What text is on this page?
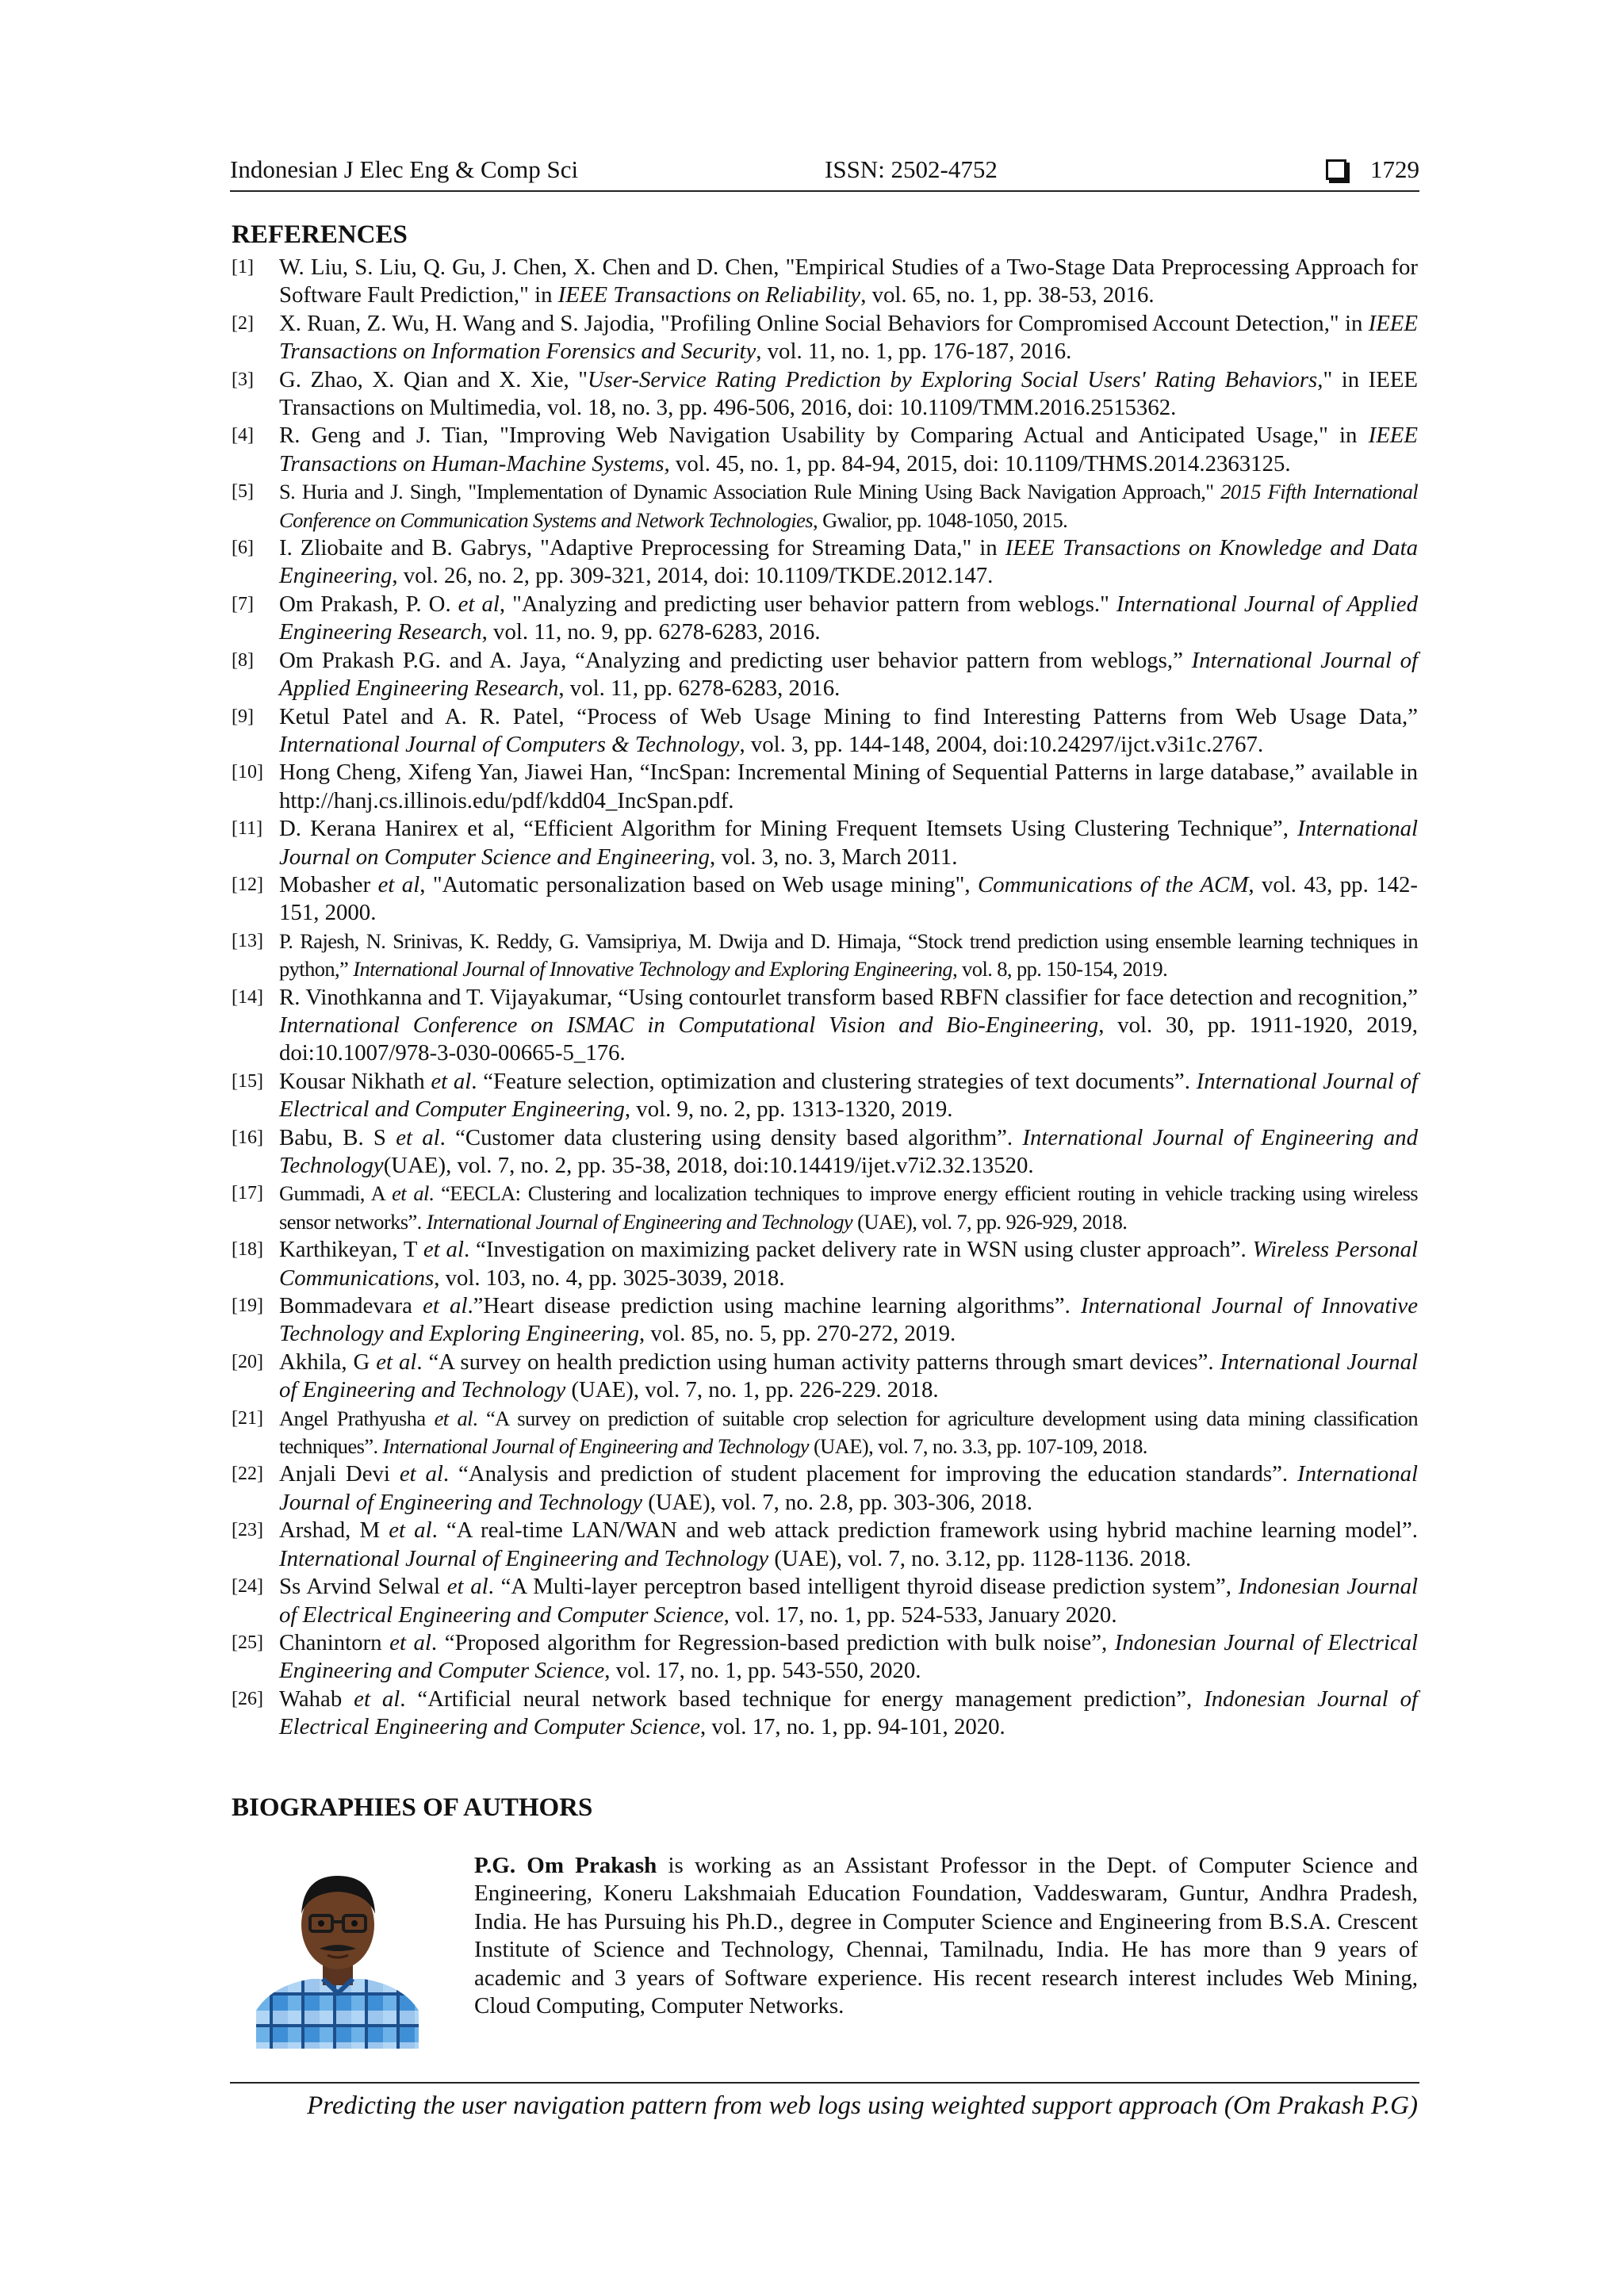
Indonesian J Elec Eng & Comp Sci	ISSN: 2502-4752	1729
REFERENCES
[1]	W. Liu, S. Liu, Q. Gu, J. Chen, X. Chen and D. Chen, "Empirical Studies of a Two-Stage Data Preprocessing Approach for Software Fault Prediction," in IEEE Transactions on Reliability, vol. 65, no. 1, pp. 38-53, 2016.
[2]	X. Ruan, Z. Wu, H. Wang and S. Jajodia, "Profiling Online Social Behaviors for Compromised Account Detection," in IEEE Transactions on Information Forensics and Security, vol. 11, no. 1, pp. 176-187, 2016.
[3]	G. Zhao, X. Qian and X. Xie, "User-Service Rating Prediction by Exploring Social Users' Rating Behaviors," in IEEE Transactions on Multimedia, vol. 18, no. 3, pp. 496-506, 2016, doi: 10.1109/TMM.2016.2515362.
[4]	R. Geng and J. Tian, "Improving Web Navigation Usability by Comparing Actual and Anticipated Usage," in IEEE Transactions on Human-Machine Systems, vol. 45, no. 1, pp. 84-94, 2015, doi: 10.1109/THMS.2014.2363125.
[5]	S. Huria and J. Singh, "Implementation of Dynamic Association Rule Mining Using Back Navigation Approach," 2015 Fifth International Conference on Communication Systems and Network Technologies, Gwalior, pp. 1048-1050, 2015.
[6]	I. Zliobaite and B. Gabrys, "Adaptive Preprocessing for Streaming Data," in IEEE Transactions on Knowledge and Data Engineering, vol. 26, no. 2, pp. 309-321, 2014, doi: 10.1109/TKDE.2012.147.
[7]	Om Prakash, P. O. et al, "Analyzing and predicting user behavior pattern from weblogs." International Journal of Applied Engineering Research, vol. 11, no. 9, pp. 6278-6283, 2016.
[8]	Om Prakash P.G. and A. Jaya, “Analyzing and predicting user behavior pattern from weblogs,” International Journal of Applied Engineering Research, vol. 11, pp. 6278-6283, 2016.
[9]	Ketul Patel and A. R. Patel, “Process of Web Usage Mining to find Interesting Patterns from Web Usage Data,” International Journal of Computers & Technology, vol. 3, pp. 144-148, 2004, doi:10.24297/ijct.v3i1c.2767.
[10] Hong Cheng, Xifeng Yan, Jiawei Han, “IncSpan: Incremental Mining of Sequential Patterns in large database,” available in http://hanj.cs.illinois.edu/pdf/kdd04_IncSpan.pdf.
[11] D. Kerana Hanirex et al, “Efficient Algorithm for Mining Frequent Itemsets Using Clustering Technique”, International Journal on Computer Science and Engineering, vol. 3, no. 3, March 2011.
[12] Mobasher et al, "Automatic personalization based on Web usage mining", Communications of the ACM, vol. 43, pp. 142-151, 2000.
[13] P. Rajesh, N. Srinivas, K. Reddy, G. Vamsipriya, M. Dwija and D. Himaja, “Stock trend prediction using ensemble learning techniques in python,” International Journal of Innovative Technology and Exploring Engineering, vol. 8, pp. 150-154, 2019.
[14] R. Vinothkanna and T. Vijayakumar, “Using contourlet transform based RBFN classifier for face detection and recognition,” International Conference on ISMAC in Computational Vision and Bio-Engineering, vol. 30, pp. 1911-1920, 2019, doi:10.1007/978-3-030-00665-5_176.
[15] Kousar Nikhath et al. “Feature selection, optimization and clustering strategies of text documents”. International Journal of Electrical and Computer Engineering, vol. 9, no. 2, pp. 1313-1320, 2019.
[16] Babu, B. S et al. “Customer data clustering using density based algorithm”. International Journal of Engineering and Technology(UAE), vol. 7, no. 2, pp. 35-38, 2018, doi:10.14419/ijet.v7i2.32.13520.
[17] Gummadi, A et al. “EECLA: Clustering and localization techniques to improve energy efficient routing in vehicle tracking using wireless sensor networks”. International Journal of Engineering and Technology (UAE), vol. 7, pp. 926-929, 2018.
[18] Karthikeyan, T et al. “Investigation on maximizing packet delivery rate in WSN using cluster approach”. Wireless Personal Communications, vol. 103, no. 4, pp. 3025-3039, 2018.
[19] Bommadevara et al.”Heart disease prediction using machine learning algorithms”. International Journal of Innovative Technology and Exploring Engineering, vol. 85, no. 5, pp. 270-272, 2019.
[20] Akhila, G et al. “A survey on health prediction using human activity patterns through smart devices”. International Journal of Engineering and Technology (UAE), vol. 7, no. 1, pp. 226-229. 2018.
[21] Angel Prathyusha et al. “A survey on prediction of suitable crop selection for agriculture development using data mining classification techniques”. International Journal of Engineering and Technology (UAE), vol. 7, no. 3.3, pp. 107-109, 2018.
[22] Anjali Devi et al. “Analysis and prediction of student placement for improving the education standards”. International Journal of Engineering and Technology (UAE), vol. 7, no. 2.8, pp. 303-306, 2018.
[23] Arshad, M et al. “A real-time LAN/WAN and web attack prediction framework using hybrid machine learning model”. International Journal of Engineering and Technology (UAE), vol. 7, no. 3.12, pp. 1128-1136. 2018.
[24] Ss Arvind Selwal et al. “A Multi-layer perceptron based intelligent thyroid disease prediction system”, Indonesian Journal of Electrical Engineering and Computer Science, vol. 17, no. 1, pp. 524-533, January 2020.
[25] Chanintorn et al. “Proposed algorithm for Regression-based prediction with bulk noise”, Indonesian Journal of Electrical Engineering and Computer Science, vol. 17, no. 1, pp. 543-550, 2020.
[26] Wahab et al. “Artificial neural network based technique for energy management prediction”, Indonesian Journal of Electrical Engineering and Computer Science, vol. 17, no. 1, pp. 94-101, 2020.
BIOGRAPHIES OF AUTHORS

P.G. Om Prakash is working as an Assistant Professor in the Dept. of Computer Science and Engineering, Koneru Lakshmaiah Education Foundation, Vaddeswaram, Guntur, Andhra Pradesh, India. He has Pursuing his Ph.D., degree in Computer Science and Engineering from B.S.A. Crescent Institute of Science and Technology, Chennai, Tamilnadu, India. He has more than 9 years of academic and 3 years of Software experience. His recent research interest includes Web Mining, Cloud Computing, Computer Networks.

Predicting the user navigation pattern from web logs using weighted support approach (Om Prakash P.G)
